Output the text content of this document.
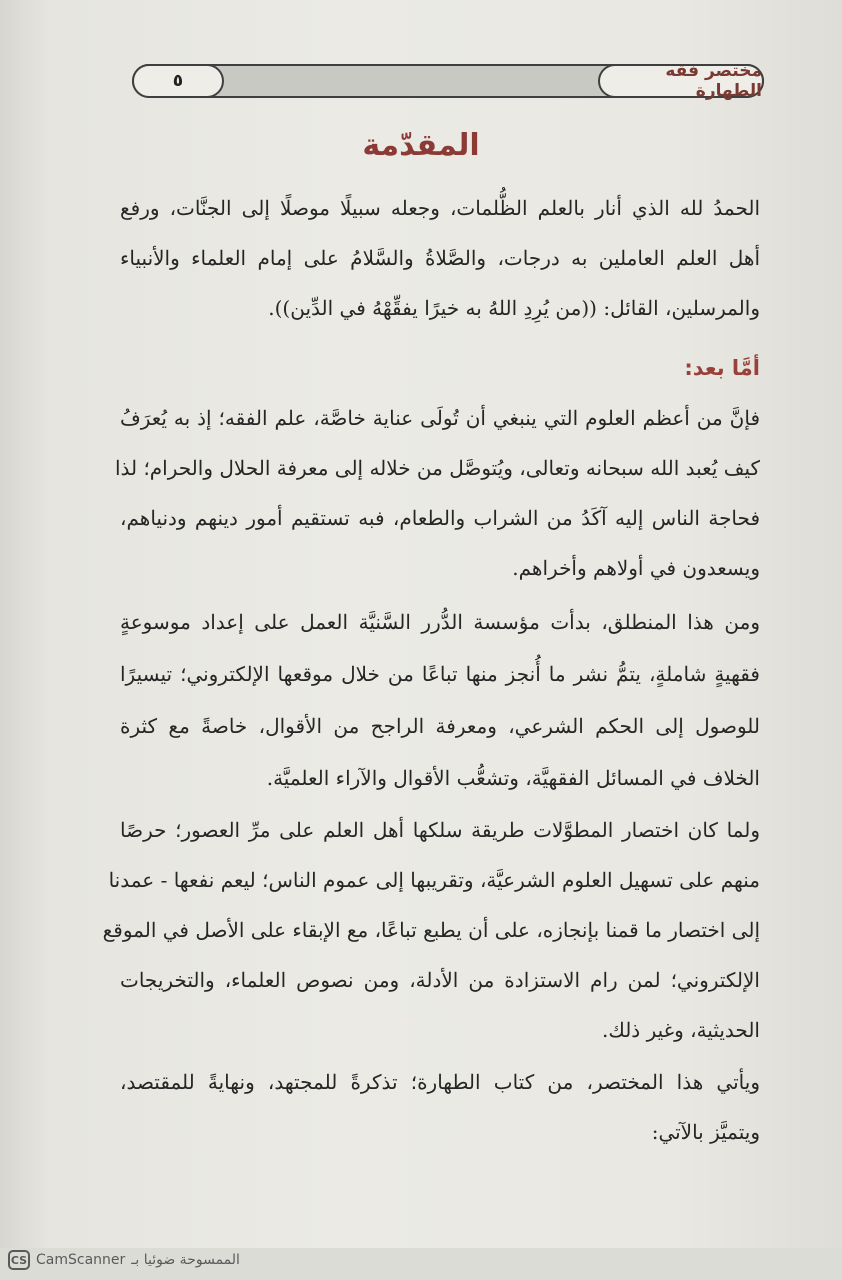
مختصر فقه الطهارة
٥
المقدّمة
الحمدُ لله الذي أنار بالعلم الظُّلمات، وجعله سبيلًا موصلًا إلى الجنَّات، ورفع
أهل العلم العاملين به درجات، والصَّلاةُ والسَّلامُ على إمام العلماء والأنبياء
والمرسلين، القائل: ((من يُرِدِ اللهُ به خيرًا يفقِّهْهُ في الدِّين)).
أمَّا بعد:
فإنَّ من أعظم العلوم التي ينبغي أن تُولَى عناية خاصَّة، علم الفقه؛ إذ به يُعرَفُ
كيف يُعبد الله سبحانه وتعالى، ويُتوصَّل من خلاله إلى معرفة الحلال والحرام؛ لذا
فحاجة الناس إليه آكَدُ من الشراب والطعام، فبه تستقيم أمور دينهم ودنياهم،
ويسعدون في أولاهم وأخراهم.
ومن هذا المنطلق، بدأت مؤسسة الدُّرر السَّنيَّة العمل على إعداد موسوعةٍ
فقهيةٍ شاملةٍ، يتمُّ نشر ما أُنجز منها تباعًا من خلال موقعها الإلكتروني؛ تيسيرًا
للوصول إلى الحكم الشرعي، ومعرفة الراجح من الأقوال، خاصةً مع كثرة
الخلاف في المسائل الفقهيَّة، وتشعُّب الأقوال والآراء العلميَّة.
ولما كان اختصار المطوَّلات طريقة سلكها أهل العلم على مرِّ العصور؛ حرصًا
منهم على تسهيل العلوم الشرعيَّة، وتقريبها إلى عموم الناس؛ ليعم نفعها - عمدنا
إلى اختصار ما قمنا بإنجازه، على أن يطبع تباعًا، مع الإبقاء على الأصل في الموقع
الإلكتروني؛ لمن رام الاستزادة من الأدلة، ومن نصوص العلماء، والتخريجات
الحديثية، وغير ذلك.
ويأتي هذا المختصر، من كتاب الطهارة؛ تذكرةً للمجتهد، ونهايةً للمقتصد،
ويتميَّز بالآتي:
CS CamScanner الممسوحة ضوئيا بـ
